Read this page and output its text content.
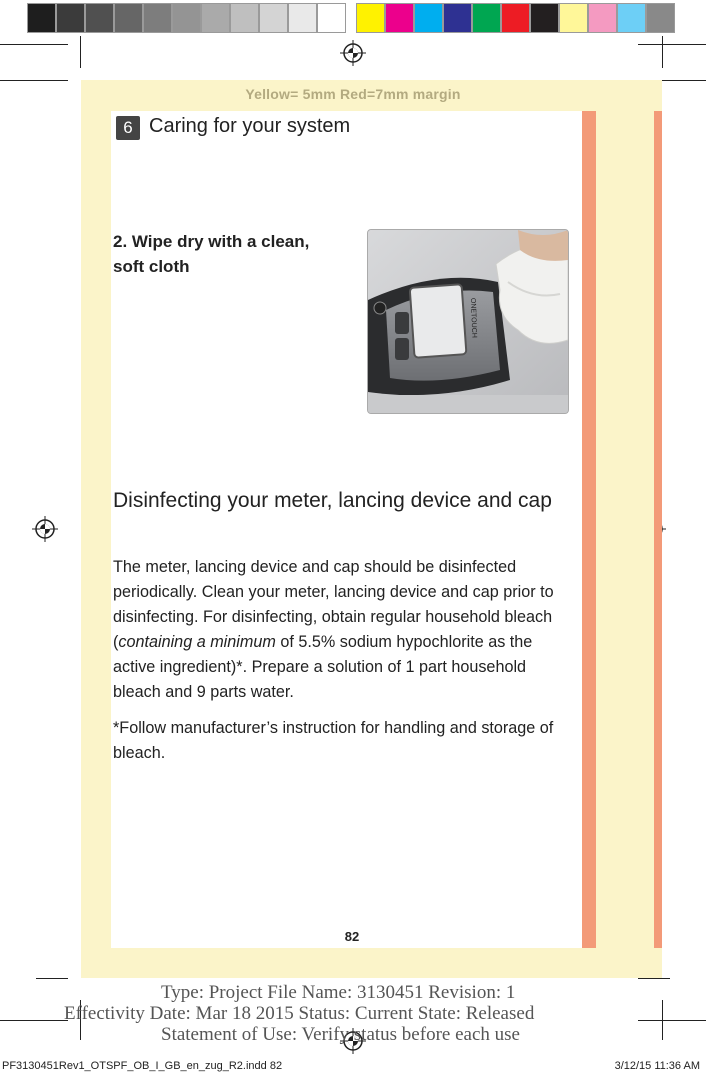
Yellow= 5mm Red=7mm margin
6 Caring for your system
2. Wipe dry with a clean,
soft cloth
ONETOUCH
Disinfecting your meter, lancing device and cap
The meter, lancing device and cap should be disinfected periodically. Clean your meter, lancing device and cap prior to disinfecting. For disinfecting, obtain regular household bleach (containing a minimum of 5.5% sodium hypochlorite as the active ingredient)*. Prepare a solution of 1 part household bleach and 9 parts water.
*Follow manufacturer’s instruction for handling and storage of bleach.
82
Type: Project File Name: 3130451 Revision: 1
Effectivity Date: Mar 18 2015 Status: Current State: Released
Statement of Use: Verify status before each use
PF3130451Rev1_OTSPF_OB_I_GB_en_zug_R2.indd 82	3/12/15 11:36 AM
